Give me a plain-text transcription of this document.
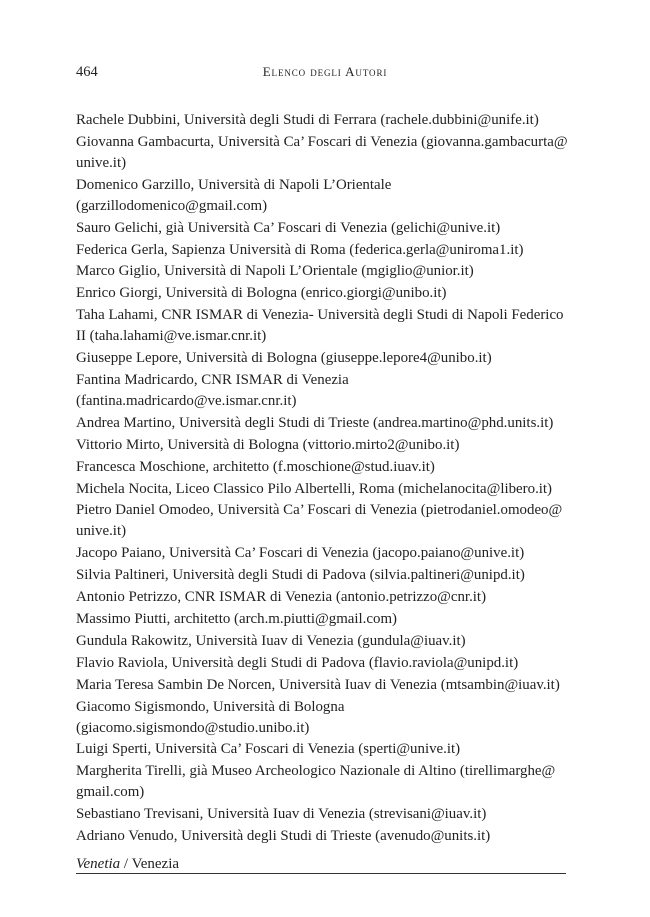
464	Elenco degli Autori
Rachele Dubbini, Università degli Studi di Ferrara (rachele.dubbini@unife.it)
Giovanna Gambacurta, Università Ca’ Foscari di Venezia (giovanna.gambacurta@ unive.it)
Domenico Garzillo, Università di Napoli L’Orientale (garzillodomenico@gmail.com)
Sauro Gelichi, già Università Ca’ Foscari di Venezia (gelichi@unive.it)
Federica Gerla, Sapienza Università di Roma (federica.gerla@uniroma1.it)
Marco Giglio, Università di Napoli L’Orientale (mgiglio@unior.it)
Enrico Giorgi, Università di Bologna (enrico.giorgi@unibo.it)
Taha Lahami, CNR ISMAR di Venezia- Università degli Studi di Napoli Federico II (taha.lahami@ve.ismar.cnr.it)
Giuseppe Lepore, Università di Bologna (giuseppe.lepore4@unibo.it)
Fantina Madricardo, CNR ISMAR di Venezia (fantina.madricardo@ve.ismar.cnr.it)
Andrea Martino, Università degli Studi di Trieste (andrea.martino@phd.units.it)
Vittorio Mirto, Università di Bologna (vittorio.mirto2@unibo.it)
Francesca Moschione, architetto (f.moschione@stud.iuav.it)
Michela Nocita, Liceo Classico Pilo Albertelli, Roma (michelanocita@libero.it)
Pietro Daniel Omodeo, Università Ca’ Foscari di Venezia (pietrodaniel.omodeo@ unive.it)
Jacopo Paiano, Università Ca’ Foscari di Venezia (jacopo.paiano@unive.it)
Silvia Paltineri, Università degli Studi di Padova (silvia.paltineri@unipd.it)
Antonio Petrizzo, CNR ISMAR di Venezia (antonio.petrizzo@cnr.it)
Massimo Piutti, architetto (arch.m.piutti@gmail.com)
Gundula Rakowitz, Università Iuav di Venezia (gundula@iuav.it)
Flavio Raviola, Università degli Studi di Padova (flavio.raviola@unipd.it)
Maria Teresa Sambin De Norcen, Università Iuav di Venezia (mtsambin@iuav.it)
Giacomo Sigismondo, Università di Bologna (giacomo.sigismondo@studio.unibo.it)
Luigi Sperti, Università Ca’ Foscari di Venezia (sperti@unive.it)
Margherita Tirelli, già Museo Archeologico Nazionale di Altino (tirellimarghe@ gmail.com)
Sebastiano Trevisani, Università Iuav di Venezia (strevisani@iuav.it)
Adriano Venudo, Università degli Studi di Trieste (avenudo@units.it)
Venetia / Venezia
